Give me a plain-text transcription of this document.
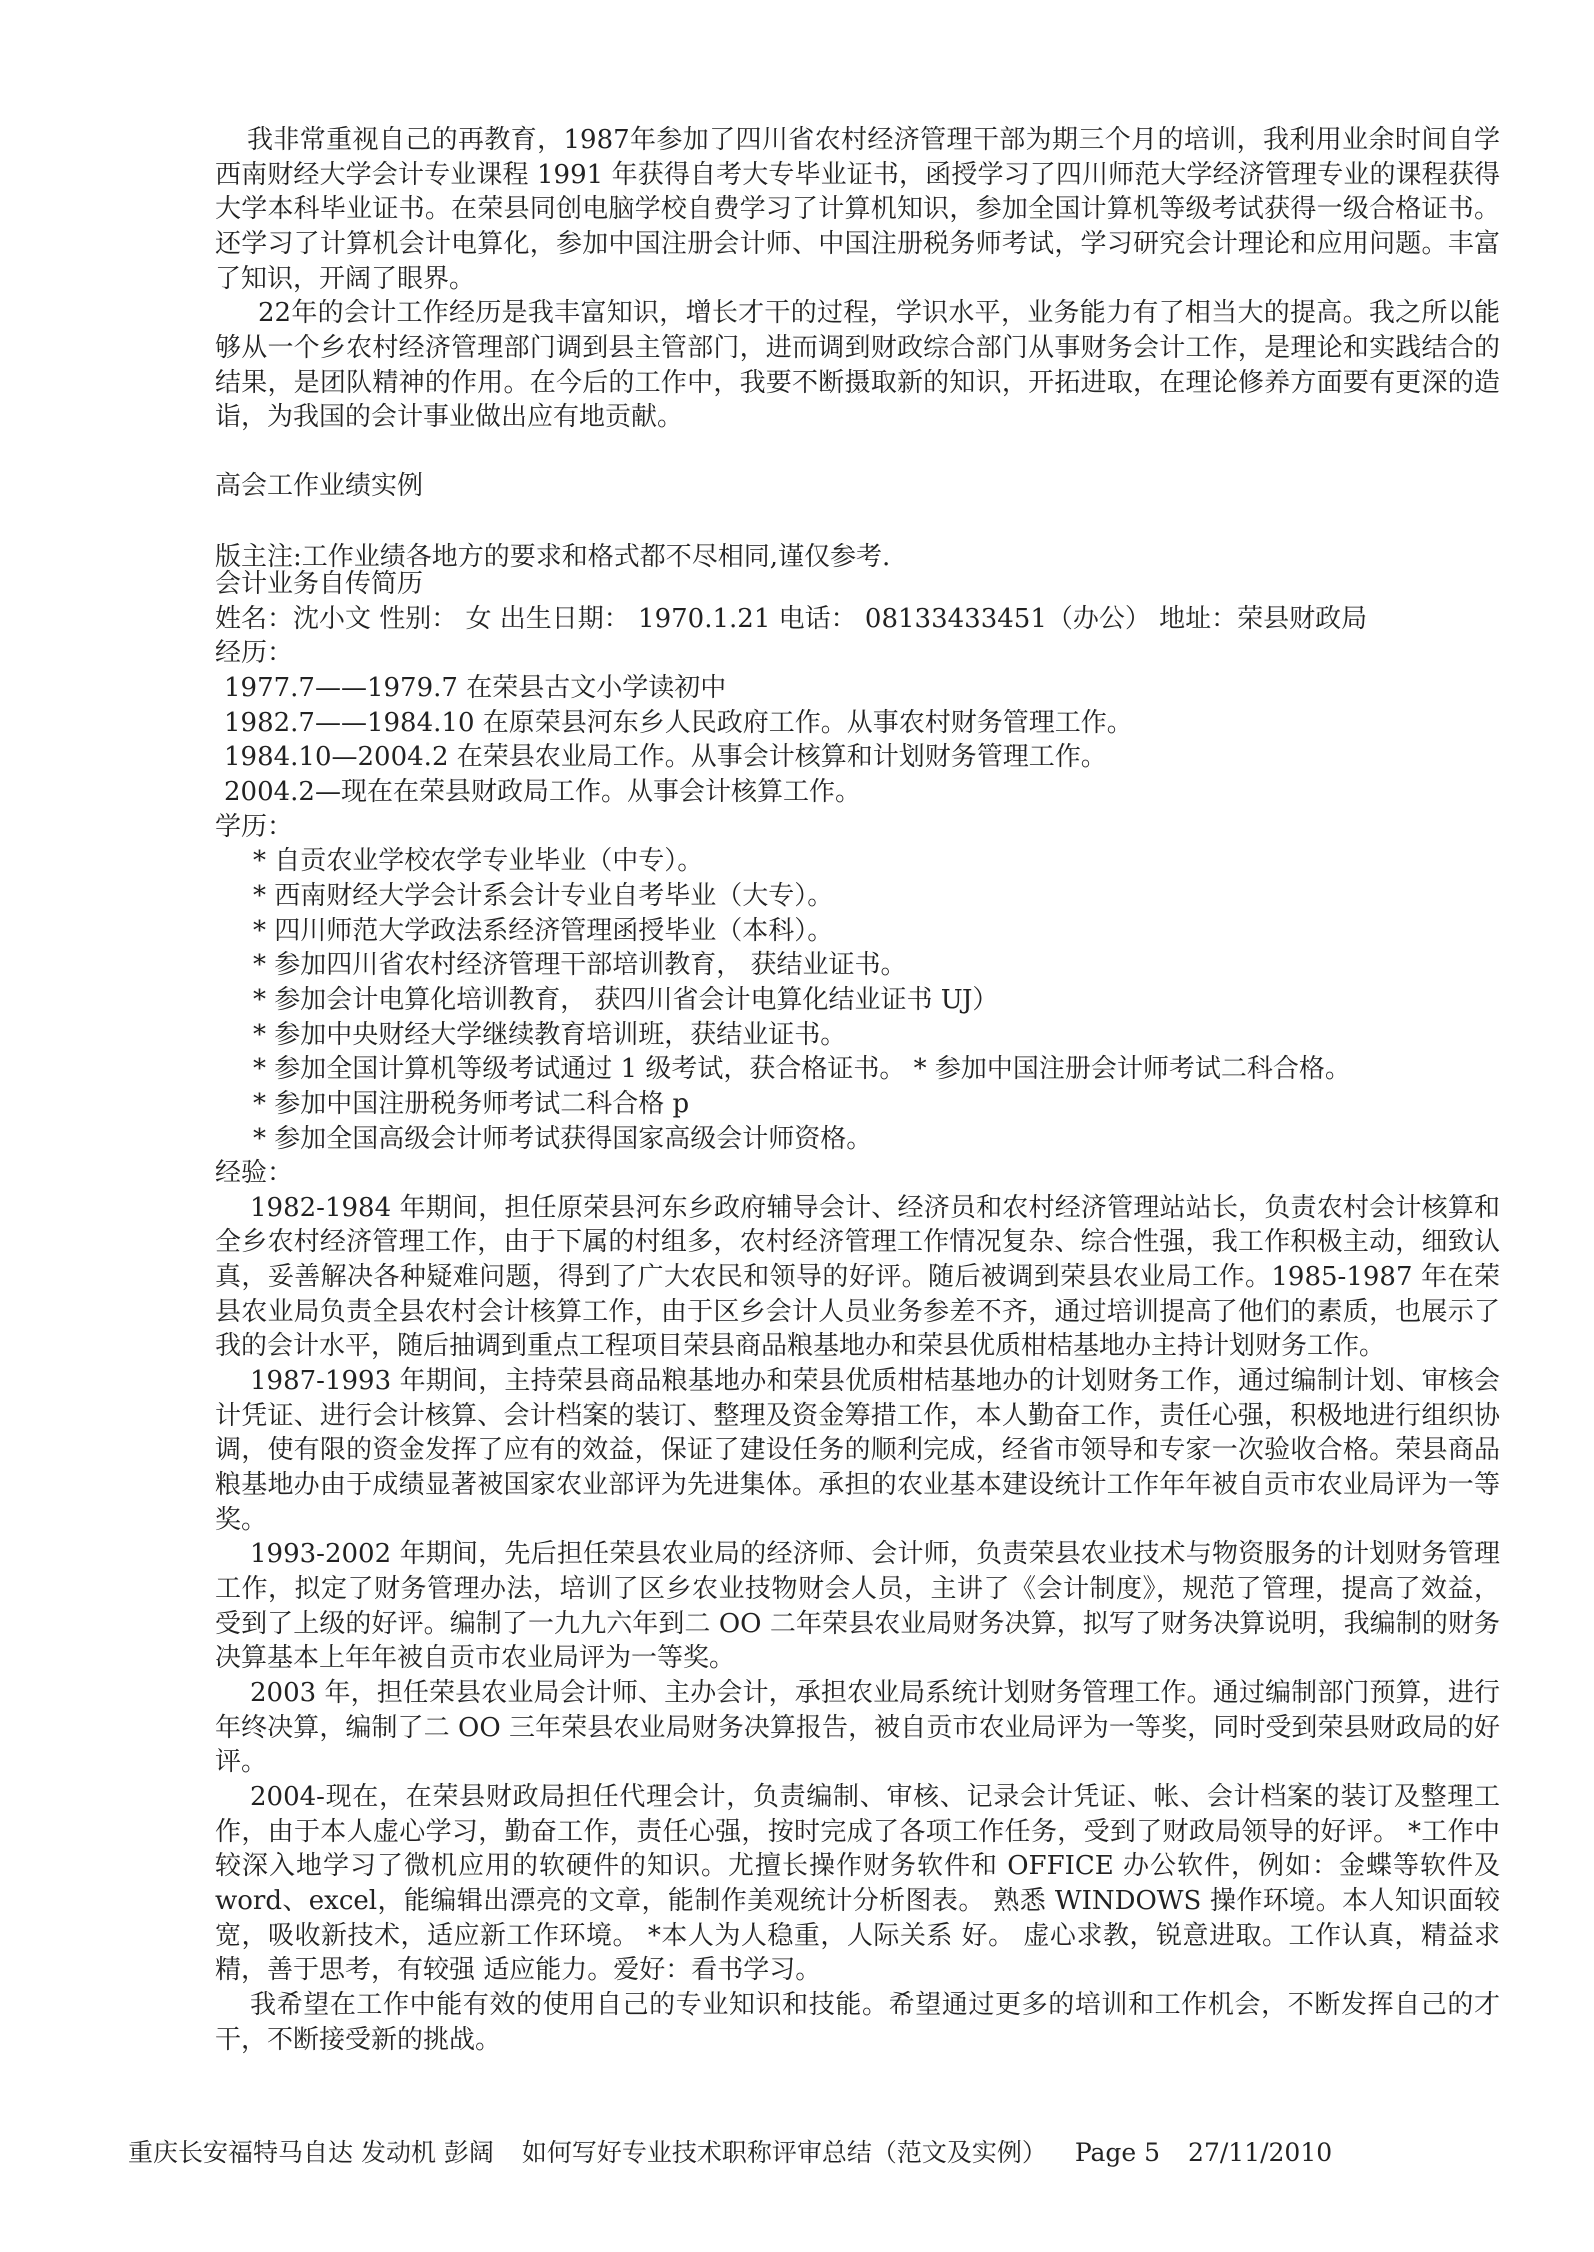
我非常重视自己的再教育，1987年参加了四川省农村经济管理干部为期三个月的培训，我利用业余时间自学西南财经大学会计专业课程 1991 年获得自考大专毕业证书，函授学习了四川师范大学经济管理专业的课程获得大学本科毕业证书。在荣县同创电脑学校自费学习了计算机知识，参加全国计算机等级考试获得一级合格证书。还学习了计算机会计电算化，参加中国注册会计师、中国注册税务师考试，学习研究会计理论和应用问题。丰富了知识，开阔了眼界。

22年的会计工作经历是我丰富知识，增长才干的过程，学识水平，业务能力有了相当大的提高。我之所以能够从一个乡农村经济管理部门调到县主管部门，进而调到财政综合部门从事财务会计工作，是理论和实践结合的结果，是团队精神的作用。在今后的工作中，我要不断摄取新的知识，开拓进取，在理论修养方面要有更深的造诣，为我国的会计事业做出应有地贡献。

高会工作业绩实例

版主注:工作业绩各地方的要求和格式都不尽相同,谨仅参考.

会计业务自传简历

姓名：沈小文 性别： 女 出生日期： 1970.1.21 电话： 08133433451（办公） 地址：荣县财政局

经历：

1977.7——1979.7 在荣县古文小学读初中

1982.7——1984.10 在原荣县河东乡人民政府工作。从事农村财务管理工作。

1984.10—2004.2 在荣县农业局工作。从事会计核算和计划财务管理工作。

2004.2—现在在荣县财政局工作。从事会计核算工作。

学历：

* 自贡农业学校农学专业毕业（中专）。

* 西南财经大学会计系会计专业自考毕业（大专）。

* 四川师范大学政法系经济管理函授毕业（本科）。

* 参加四川省农村经济管理干部培训教育， 获结业证书。

* 参加会计电算化培训教育， 获四川省会计电算化结业证书 UJ）

* 参加中央财经大学继续教育培训班，获结业证书。

* 参加全国计算机等级考试通过 1 级考试，获合格证书。 * 参加中国注册会计师考试二科合格。

* 参加中国注册税务师考试二科合格 p

* 参加全国高级会计师考试获得国家高级会计师资格。

经验：

1982-1984 年期间，担任原荣县河东乡政府辅导会计、经济员和农村经济管理站站长，负责农村会计核算和全乡农村经济管理工作，由于下属的村组多，农村经济管理工作情况复杂、综合性强，我工作积极主动，细致认真，妥善解决各种疑难问题，得到了广大农民和领导的好评。随后被调到荣县农业局工作。1985-1987 年在荣县农业局负责全县农村会计核算工作，由于区乡会计人员业务参差不齐，通过培训提高了他们的素质，也展示了我的会计水平，随后抽调到重点工程项目荣县商品粮基地办和荣县优质柑桔基地办主持计划财务工作。

1987-1993 年期间，主持荣县商品粮基地办和荣县优质柑桔基地办的计划财务工作，通过编制计划、审核会计凭证、进行会计核算、会计档案的装订、整理及资金筹措工作，本人勤奋工作，责任心强，积极地进行组织协调，使有限的资金发挥了应有的效益，保证了建设任务的顺利完成，经省市领导和专家一次验收合格。荣县商品粮基地办由于成绩显著被国家农业部评为先进集体。承担的农业基本建设统计工作年年被自贡市农业局评为一等奖。

1993-2002 年期间，先后担任荣县农业局的经济师、会计师，负责荣县农业技术与物资服务的计划财务管理工作，拟定了财务管理办法，培训了区乡农业技物财会人员，主讲了《会计制度》，规范了管理，提高了效益，受到了上级的好评。编制了一九九六年到二 OO 二年荣县农业局财务决算，拟写了财务决算说明，我编制的财务决算基本上年年被自贡市农业局评为一等奖。

2003 年，担任荣县农业局会计师、主办会计，承担农业局系统计划财务管理工作。通过编制部门预算，进行年终决算，编制了二 OO 三年荣县农业局财务决算报告，被自贡市农业局评为一等奖，同时受到荣县财政局的好评。

2004-现在，在荣县财政局担任代理会计，负责编制、审核、记录会计凭证、帐、会计档案的装订及整理工作，由于本人虚心学习，勤奋工作，责任心强，按时完成了各项工作任务，受到了财政局领导的好评。 *工作中较深入地学习了微机应用的软硬件的知识。尤擅长操作财务软件和 OFFICE 办公软件，例如：金蝶等软件及 word、excel，能编辑出漂亮的文章，能制作美观统计分析图表。 熟悉 WINDOWS 操作环境。本人知识面较宽，吸收新技术，适应新工作环境。 *本人为人稳重，人际关系 好。 虚心求教，锐意进取。工作认真，精益求精，善于思考，有较强 适应能力。爱好：看书学习。

我希望在工作中能有效的使用自己的专业知识和技能。希望通过更多的培训和工作机会，不断发挥自己的才干，不断接受新的挑战。

重庆长安福特马自达 发动机 彭阔 如何写好专业技术职称评审总结（范文及实例） Page 5 27/11/2010
